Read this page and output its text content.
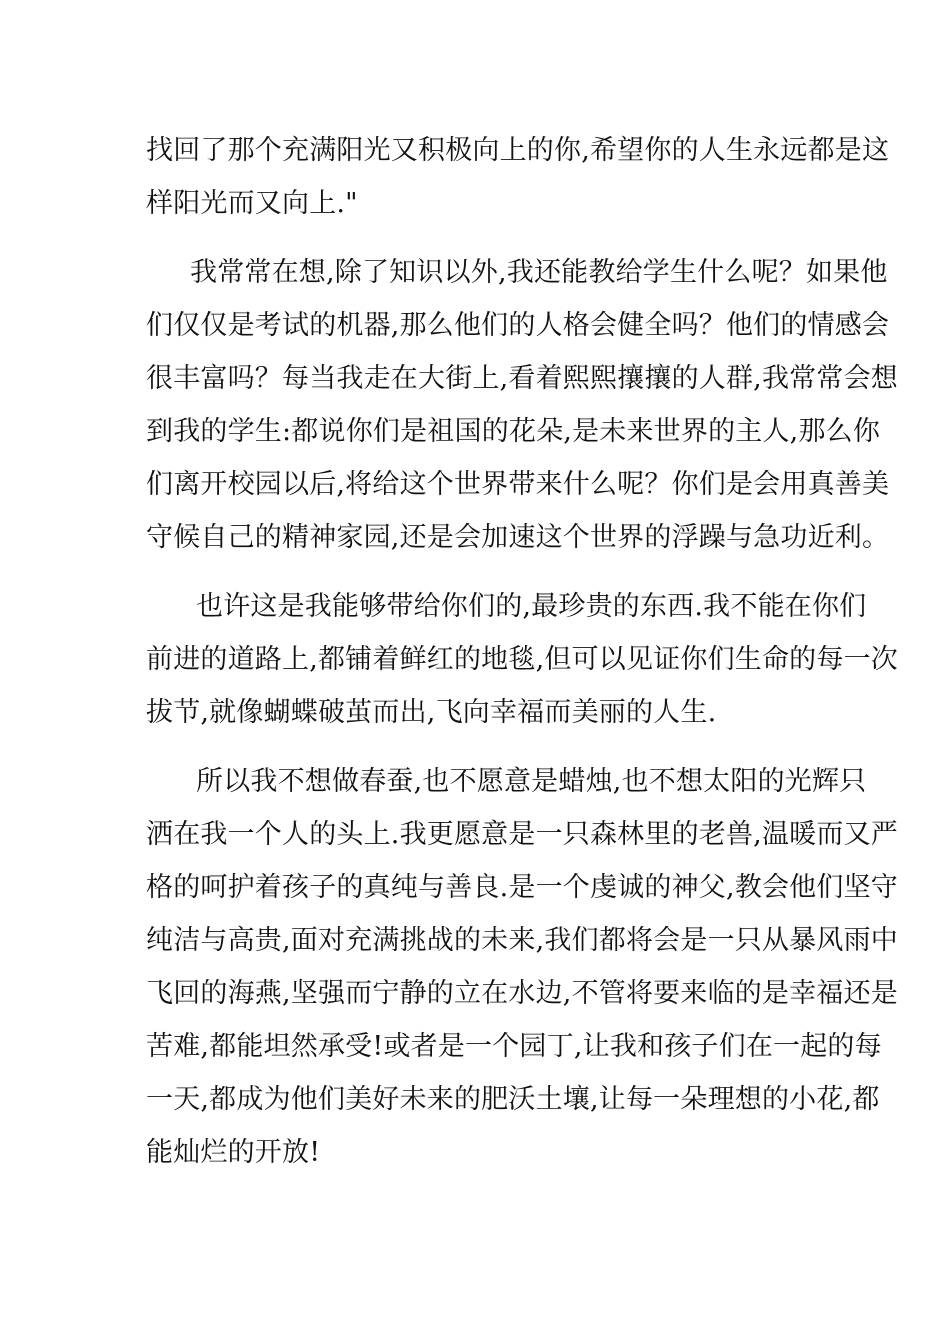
找回了那个充满阳光又积极向上的你,希望你的人生永远都是这
样阳光而又向上."

我常常在想,除了知识以外,我还能教给学生什么呢？如果他
们仅仅是考试的机器,那么他们的人格会健全吗？他们的情感会
很丰富吗？每当我走在大街上,看着熙熙攘攘的人群,我常常会想
到我的学生:都说你们是祖国的花朵,是未来世界的主人,那么你
们离开校园以后,将给这个世界带来什么呢？你们是会用真善美
守候自己的精神家园,还是会加速这个世界的浮躁与急功近利。

也许这是我能够带给你们的,最珍贵的东西.我不能在你们
前进的道路上,都铺着鲜红的地毯,但可以见证你们生命的每一次
拔节,就像蝴蝶破茧而出,飞向幸福而美丽的人生.

所以我不想做春蚕,也不愿意是蜡烛,也不想太阳的光辉只
洒在我一个人的头上.我更愿意是一只森林里的老兽,温暖而又严
格的呵护着孩子的真纯与善良.是一个虔诚的神父,教会他们坚守
纯洁与高贵,面对充满挑战的未来,我们都将会是一只从暴风雨中
飞回的海燕,坚强而宁静的立在水边,不管将要来临的是幸福还是
苦难,都能坦然承受!或者是一个园丁,让我和孩子们在一起的每
一天,都成为他们美好未来的肥沃土壤,让每一朵理想的小花,都
能灿烂的开放!
